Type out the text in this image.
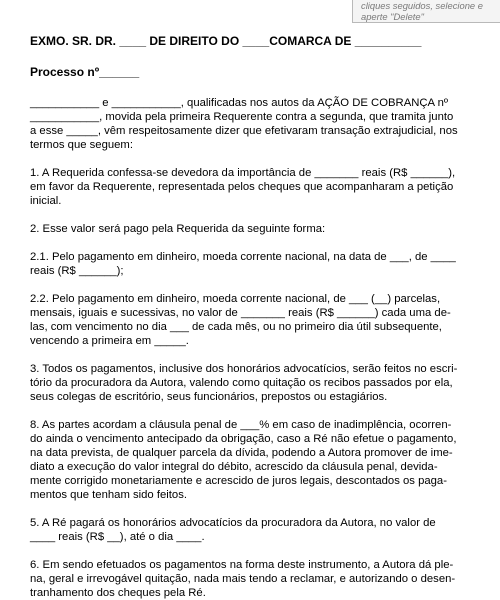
cliques seguidos, selecione e
aperte "Delete"

EXMO. SR. DR. ____ DE DIREITO DO ____COMARCA DE __________

Processo nº______

___________ e ___________, qualificadas nos autos da AÇÃO DE COBRANÇA nº
___________, movida pela primeira Requerente contra a segunda, que tramita junto
a esse _____, vêm respeitosamente dizer que efetivaram transação extrajudicial, nos
termos que seguem:

1. A Requerida confessa-se devedora da importância de _______ reais (R$ ______),
em favor da Requerente, representada pelos cheques que acompanharam a petição
inicial.

2. Esse valor será pago pela Requerida da seguinte forma:

2.1. Pelo pagamento em dinheiro, moeda corrente nacional, na data de ___, de ____
reais (R$ ______);

2.2. Pelo pagamento em dinheiro, moeda corrente nacional, de ___ (__) parcelas,
mensais, iguais e sucessivas, no valor de _______ reais (R$ ______) cada uma de-
las, com vencimento no dia ___ de cada mês, ou no primeiro dia útil subsequente,
vencendo a primeira em _____.

3. Todos os pagamentos, inclusive dos honorários advocatícios, serão feitos no escri-
tório da procuradora da Autora, valendo como quitação os recibos passados por ela,
seus colegas de escritório, seus funcionários, prepostos ou estagiários.

8. As partes acordam a cláusula penal de ___% em caso de inadimplência, ocorren-
do ainda o vencimento antecipado da obrigação, caso a Ré não efetue o pagamento,
na data prevista, de qualquer parcela da dívida, podendo a Autora promover de ime-
diato a execução do valor integral do débito, acrescido da cláusula penal, devida-
mente corrigido monetariamente e acrescido de juros legais, descontados os paga-
mentos que tenham sido feitos.

5. A Ré pagará os honorários advocatícios da procuradora da Autora, no valor de
____ reais (R$ __), até o dia ____.

6. Em sendo efetuados os pagamentos na forma deste instrumento, a Autora dá ple-
na, geral e irrevogável quitação, nada mais tendo a reclamar, e autorizando o desen-
tranhamento dos cheques pela Ré.
